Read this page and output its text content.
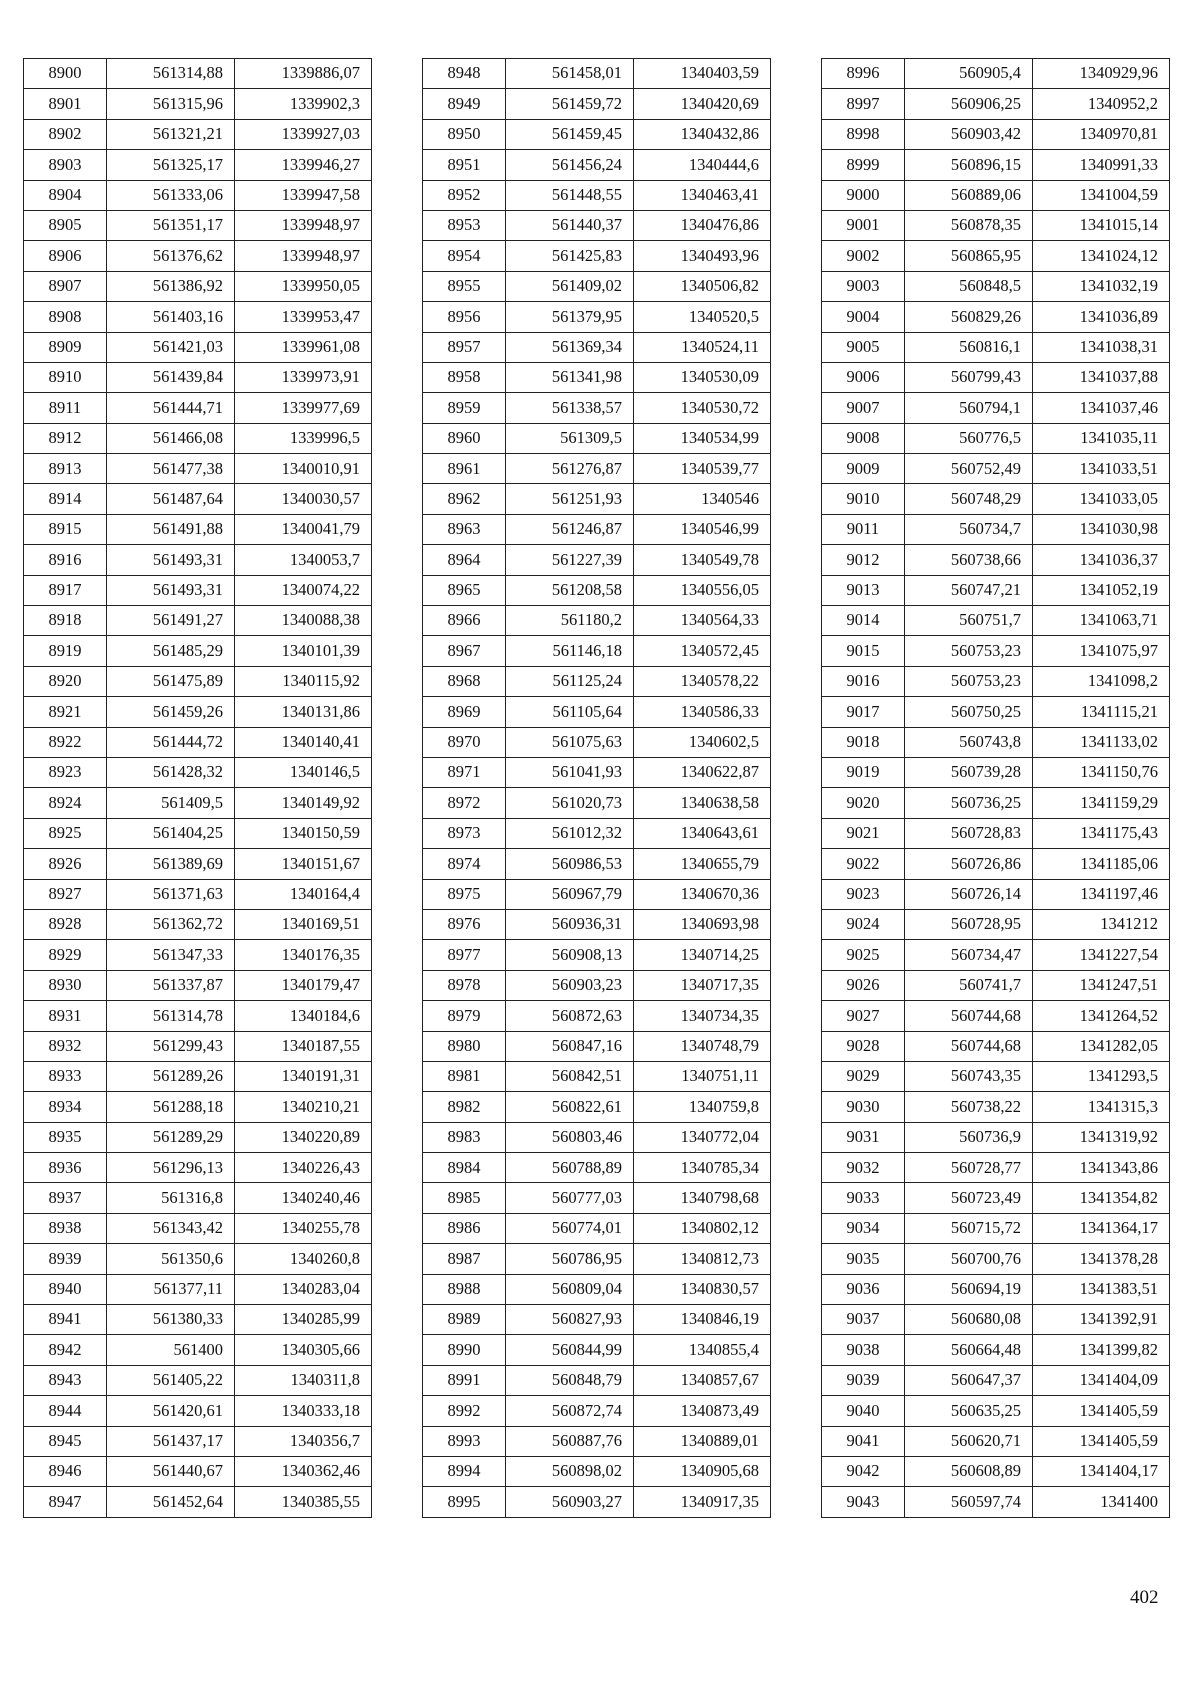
8900	561314,88	1339886,07
8901	561315,96	1339902,3
8902	561321,21	1339927,03
8903	561325,17	1339946,27
8904	561333,06	1339947,58
8905	561351,17	1339948,97
8906	561376,62	1339948,97
8907	561386,92	1339950,05
8908	561403,16	1339953,47
8909	561421,03	1339961,08
8910	561439,84	1339973,91
8911	561444,71	1339977,69
8912	561466,08	1339996,5
8913	561477,38	1340010,91
8914	561487,64	1340030,57
8915	561491,88	1340041,79
8916	561493,31	1340053,7
8917	561493,31	1340074,22
8918	561491,27	1340088,38
8919	561485,29	1340101,39
8920	561475,89	1340115,92
8921	561459,26	1340131,86
8922	561444,72	1340140,41
8923	561428,32	1340146,5
8924	561409,5	1340149,92
8925	561404,25	1340150,59
8926	561389,69	1340151,67
8927	561371,63	1340164,4
8928	561362,72	1340169,51
8929	561347,33	1340176,35
8930	561337,87	1340179,47
8931	561314,78	1340184,6
8932	561299,43	1340187,55
8933	561289,26	1340191,31
8934	561288,18	1340210,21
8935	561289,29	1340220,89
8936	561296,13	1340226,43
8937	561316,8	1340240,46
8938	561343,42	1340255,78
8939	561350,6	1340260,8
8940	561377,11	1340283,04
8941	561380,33	1340285,99
8942	561400	1340305,66
8943	561405,22	1340311,8
8944	561420,61	1340333,18
8945	561437,17	1340356,7
8946	561440,67	1340362,46
8947	561452,64	1340385,55
8948	561458,01	1340403,59
8949	561459,72	1340420,69
8950	561459,45	1340432,86
8951	561456,24	1340444,6
8952	561448,55	1340463,41
8953	561440,37	1340476,86
8954	561425,83	1340493,96
8955	561409,02	1340506,82
8956	561379,95	1340520,5
8957	561369,34	1340524,11
8958	561341,98	1340530,09
8959	561338,57	1340530,72
8960	561309,5	1340534,99
8961	561276,87	1340539,77
8962	561251,93	1340546
8963	561246,87	1340546,99
8964	561227,39	1340549,78
8965	561208,58	1340556,05
8966	561180,2	1340564,33
8967	561146,18	1340572,45
8968	561125,24	1340578,22
8969	561105,64	1340586,33
8970	561075,63	1340602,5
8971	561041,93	1340622,87
8972	561020,73	1340638,58
8973	561012,32	1340643,61
8974	560986,53	1340655,79
8975	560967,79	1340670,36
8976	560936,31	1340693,98
8977	560908,13	1340714,25
8978	560903,23	1340717,35
8979	560872,63	1340734,35
8980	560847,16	1340748,79
8981	560842,51	1340751,11
8982	560822,61	1340759,8
8983	560803,46	1340772,04
8984	560788,89	1340785,34
8985	560777,03	1340798,68
8986	560774,01	1340802,12
8987	560786,95	1340812,73
8988	560809,04	1340830,57
8989	560827,93	1340846,19
8990	560844,99	1340855,4
8991	560848,79	1340857,67
8992	560872,74	1340873,49
8993	560887,76	1340889,01
8994	560898,02	1340905,68
8995	560903,27	1340917,35
8996	560905,4	1340929,96
8997	560906,25	1340952,2
8998	560903,42	1340970,81
8999	560896,15	1340991,33
9000	560889,06	1341004,59
9001	560878,35	1341015,14
9002	560865,95	1341024,12
9003	560848,5	1341032,19
9004	560829,26	1341036,89
9005	560816,1	1341038,31
9006	560799,43	1341037,88
9007	560794,1	1341037,46
9008	560776,5	1341035,11
9009	560752,49	1341033,51
9010	560748,29	1341033,05
9011	560734,7	1341030,98
9012	560738,66	1341036,37
9013	560747,21	1341052,19
9014	560751,7	1341063,71
9015	560753,23	1341075,97
9016	560753,23	1341098,2
9017	560750,25	1341115,21
9018	560743,8	1341133,02
9019	560739,28	1341150,76
9020	560736,25	1341159,29
9021	560728,83	1341175,43
9022	560726,86	1341185,06
9023	560726,14	1341197,46
9024	560728,95	1341212
9025	560734,47	1341227,54
9026	560741,7	1341247,51
9027	560744,68	1341264,52
9028	560744,68	1341282,05
9029	560743,35	1341293,5
9030	560738,22	1341315,3
9031	560736,9	1341319,92
9032	560728,77	1341343,86
9033	560723,49	1341354,82
9034	560715,72	1341364,17
9035	560700,76	1341378,28
9036	560694,19	1341383,51
9037	560680,08	1341392,91
9038	560664,48	1341399,82
9039	560647,37	1341404,09
9040	560635,25	1341405,59
9041	560620,71	1341405,59
9042	560608,89	1341404,17
9043	560597,74	1341400
402
